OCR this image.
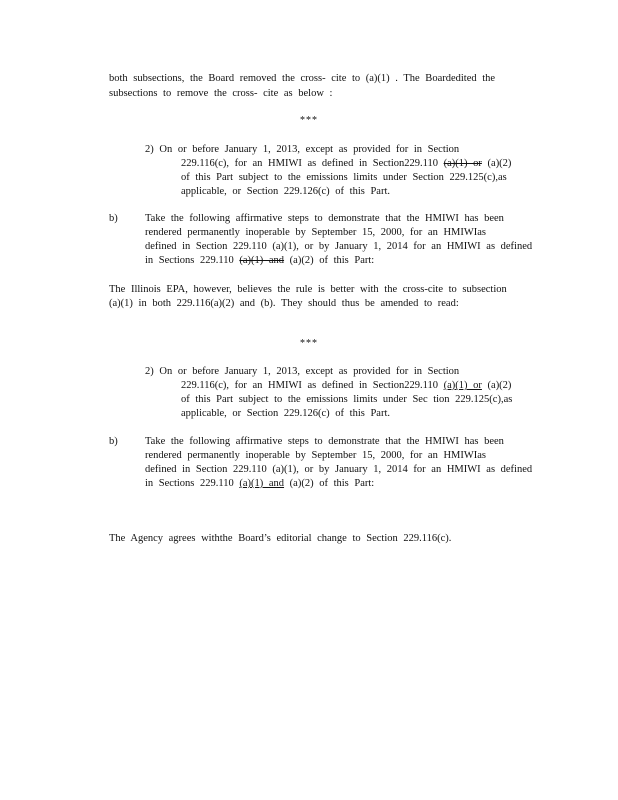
both subsections, the Board removed the cross- cite to (a)(1) . The Boardedited the
subsections to remove the cross- cite as below :
***
2) On or before January 1, 2013, except as provided for in Section
229.116(c), for an HMIWI as defined in Section229.110 (a)(1) or (a)(2)
of this Part subject to the emissions limits under Section 229.125(c),as
applicable, or Section 229.126(c) of this Part.
b)	Take the following affirmative steps to demonstrate that the HMIWI has been
rendered permanently inoperable by September 15, 2000, for an HMIWIas
defined in Section 229.110 (a)(1), or by January 1, 2014 for an HMIWI as defined
in Sections 229.110 (a)(1) and (a)(2) of this Part:
The Illinois EPA, however, believes the rule is better with the cross-cite to subsection
(a)(1) in both 229.116(a)(2) and (b). They should thus be amended to read:
***
2) On or before January 1, 2013, except as provided for in Section
229.116(c), for an HMIWI as defined in Section229.110 (a)(1) or (a)(2)
of this Part subject to the emissions limits under Sec tion 229.125(c),as
applicable, or Section 229.126(c) of this Part.
b)	Take the following affirmative steps to demonstrate that the HMIWI has been
rendered permanently inoperable by September 15, 2000, for an HMIWIas
defined in Section 229.110 (a)(1), or by January 1, 2014 for an HMIWI as defined
in Sections 229.110 (a)(1) and (a)(2) of this Part:
The Agency agrees withthe Board’s editorial change to Section 229.116(c).
